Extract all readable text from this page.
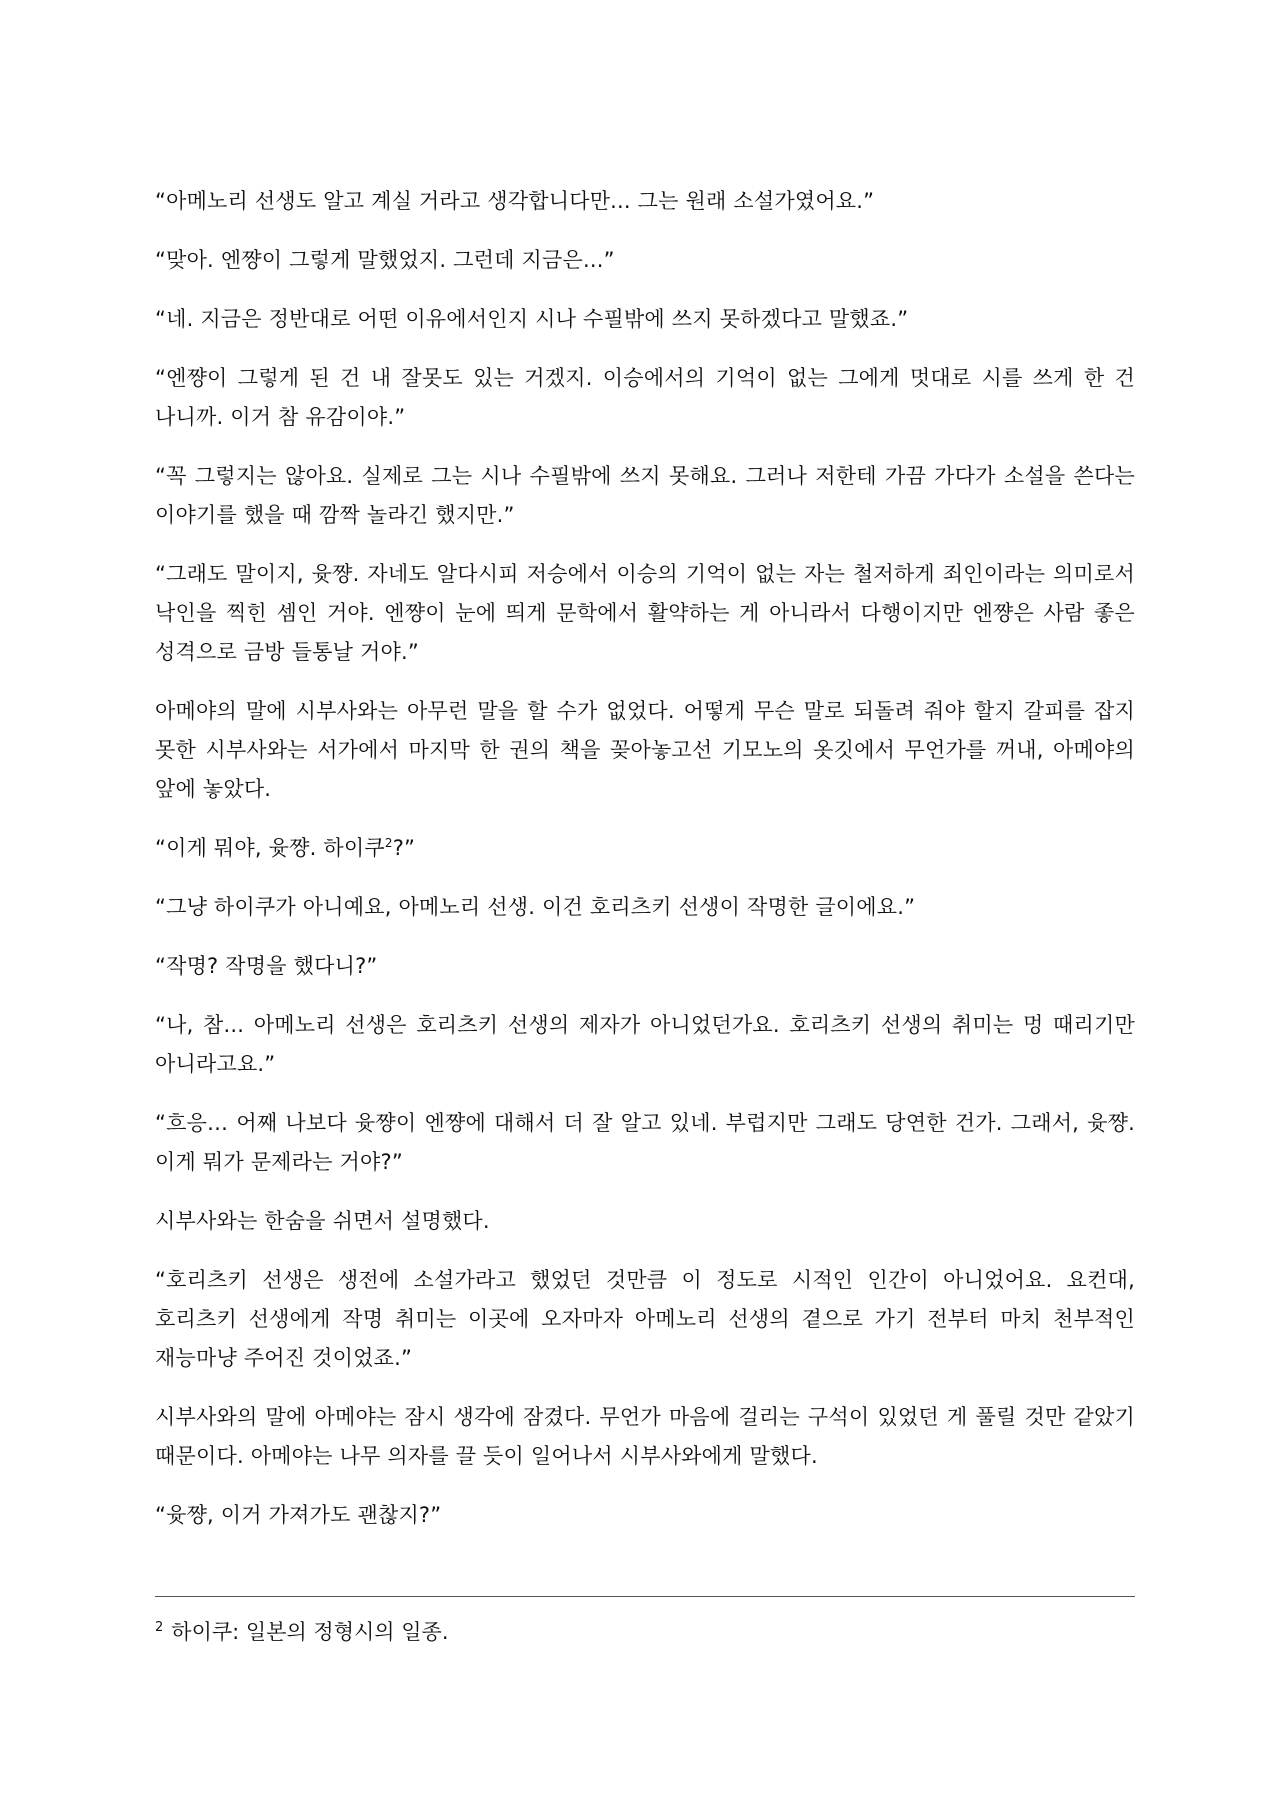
“아메노리 선생도 알고 계실 거라고 생각합니다만... 그는 원래 소설가였어요.”

“맞아. 엔쨩이 그렇게 말했었지. 그런데 지금은...”

“네. 지금은 정반대로 어떤 이유에서인지 시나 수필밖에 쓰지 못하겠다고 말했죠.”

“엔쨩이 그렇게 된 건 내 잘못도 있는 거겠지. 이승에서의 기억이 없는 그에게 멋대로 시를 쓰게 한 건 나니까. 이거 참 유감이야.”

“꼭 그렇지는 않아요. 실제로 그는 시나 수필밖에 쓰지 못해요. 그러나 저한테 가끔 가다가 소설을 쓴다는 이야기를 했을 때 깜짝 놀라긴 했지만.”

“그래도 말이지, 윳쨩. 자네도 알다시피 저승에서 이승의 기억이 없는 자는 철저하게 죄인이라는 의미로서 낙인을 찍힌 셈인 거야. 엔쨩이 눈에 띄게 문학에서 활약하는 게 아니라서 다행이지만 엔쨩은 사람 좋은 성격으로 금방 들통날 거야.”

아메야의 말에 시부사와는 아무런 말을 할 수가 없었다. 어떻게 무슨 말로 되돌려 줘야 할지 갈피를 잡지 못한 시부사와는 서가에서 마지막 한 권의 책을 꽂아놓고선 기모노의 옷깃에서 무언가를 꺼내, 아메야의 앞에 놓았다.

“이게 뭐야, 윳쨩. 하이쿠$^2$?”

“그냥 하이쿠가 아니예요, 아메노리 선생. 이건 호리츠키 선생이 작명한 글이에요.”

“작명? 작명을 했다니?”

“나, 참... 아메노리 선생은 호리츠키 선생의 제자가 아니었던가요. 호리츠키 선생의 취미는 멍 때리기만 아니라고요.”

“흐응… 어째 나보다 윳쨩이 엔쨩에 대해서 더 잘 알고 있네. 부럽지만 그래도 당연한 건가. 그래서, 윳쨩. 이게 뭐가 문제라는 거야?”

시부사와는 한숨을 쉬면서 설명했다.

“호리츠키 선생은 생전에 소설가라고 했었던 것만큼 이 정도로 시적인 인간이 아니었어요. 요컨대, 호리츠키 선생에게 작명 취미는 이곳에 오자마자 아메노리 선생의 곁으로 가기 전부터 마치 천부적인 재능마냥 주어진 것이었죠.”

시부사와의 말에 아메야는 잠시 생각에 잠겼다. 무언가 마음에 걸리는 구석이 있었던 게 풀릴 것만 같았기 때문이다. 아메야는 나무 의자를 끌 듯이 일어나서 시부사와에게 말했다.

“윳쨩, 이거 가져가도 괜찮지?”

$^2$ 하이쿠: 일본의 정형시의 일종.
